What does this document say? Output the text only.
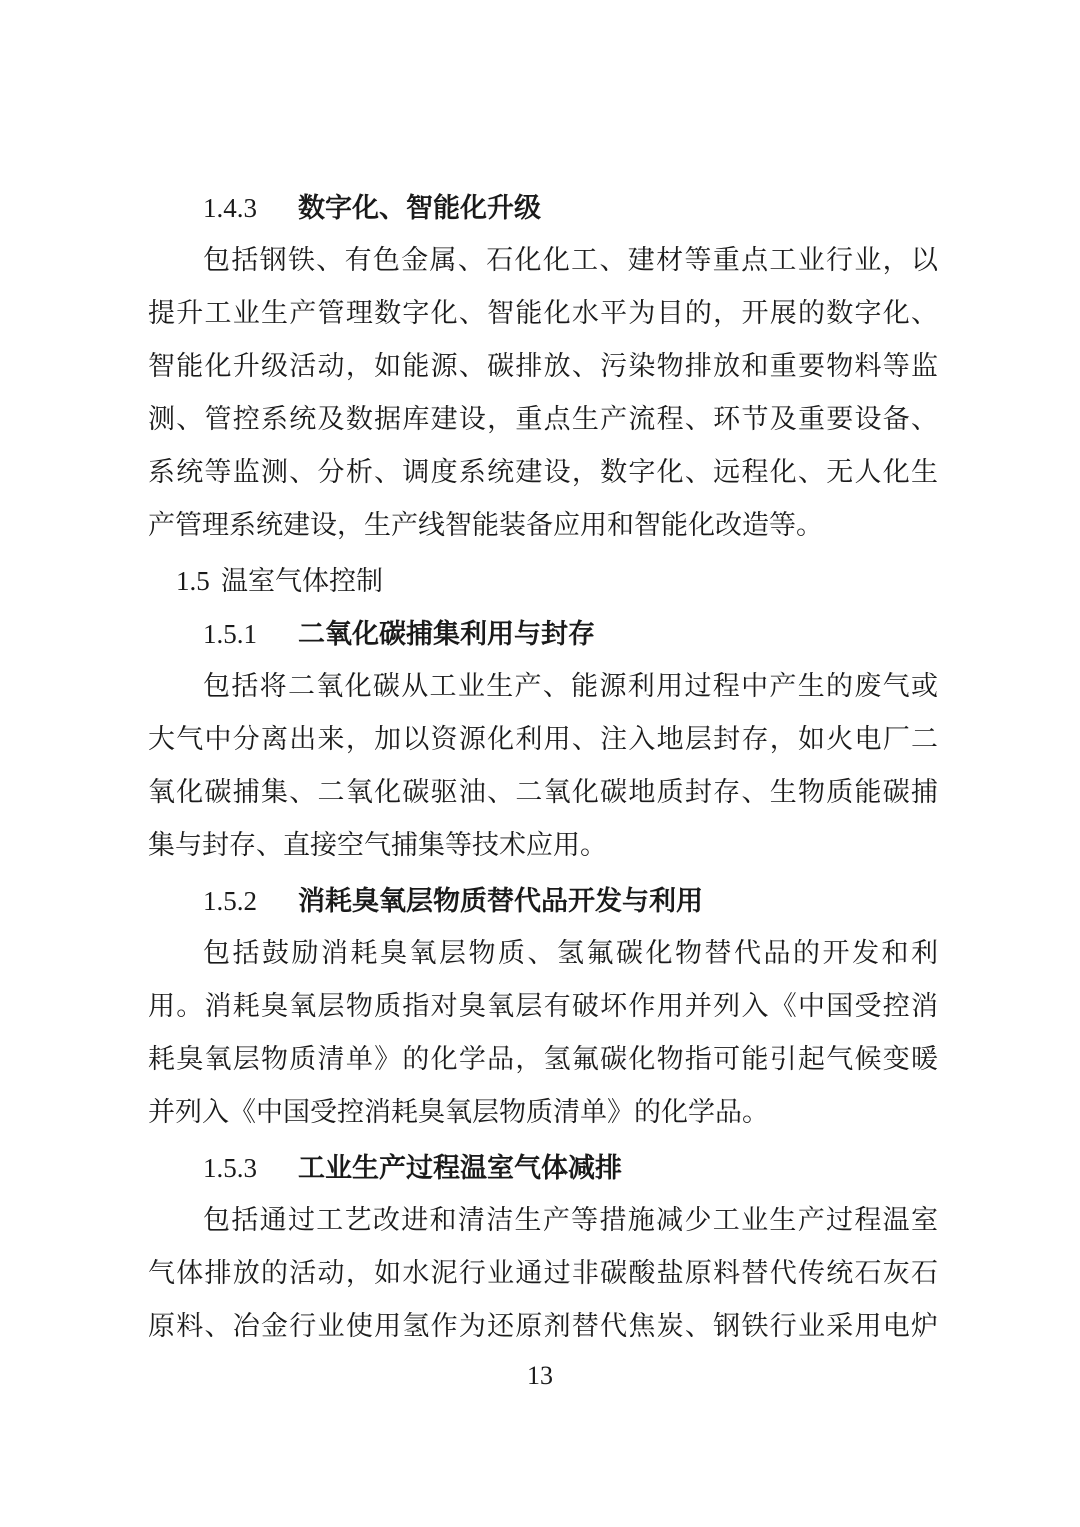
1.4.3 数字化、智能化升级
包括钢铁、有色金属、石化化工、建材等重点工业行业，以
提升工业生产管理数字化、智能化水平为目的，开展的数字化、
智能化升级活动，如能源、碳排放、污染物排放和重要物料等监
测、管控系统及数据库建设，重点生产流程、环节及重要设备、
系统等监测、分析、调度系统建设，数字化、远程化、无人化生
产管理系统建设，生产线智能装备应用和智能化改造等。
1.5 温室气体控制
1.5.1 二氧化碳捕集利用与封存
包括将二氧化碳从工业生产、能源利用过程中产生的废气或
大气中分离出来，加以资源化利用、注入地层封存，如火电厂二
氧化碳捕集、二氧化碳驱油、二氧化碳地质封存、生物质能碳捕
集与封存、直接空气捕集等技术应用。
1.5.2 消耗臭氧层物质替代品开发与利用
包括鼓励消耗臭氧层物质、氢氟碳化物替代品的开发和利
用。消耗臭氧层物质指对臭氧层有破坏作用并列入《中国受控消
耗臭氧层物质清单》的化学品，氢氟碳化物指可能引起气候变暖
并列入《中国受控消耗臭氧层物质清单》的化学品。
1.5.3 工业生产过程温室气体减排
包括通过工艺改进和清洁生产等措施减少工业生产过程温室
气体排放的活动，如水泥行业通过非碳酸盐原料替代传统石灰石
原料、冶金行业使用氢作为还原剂替代焦炭、钢铁行业采用电炉
13
